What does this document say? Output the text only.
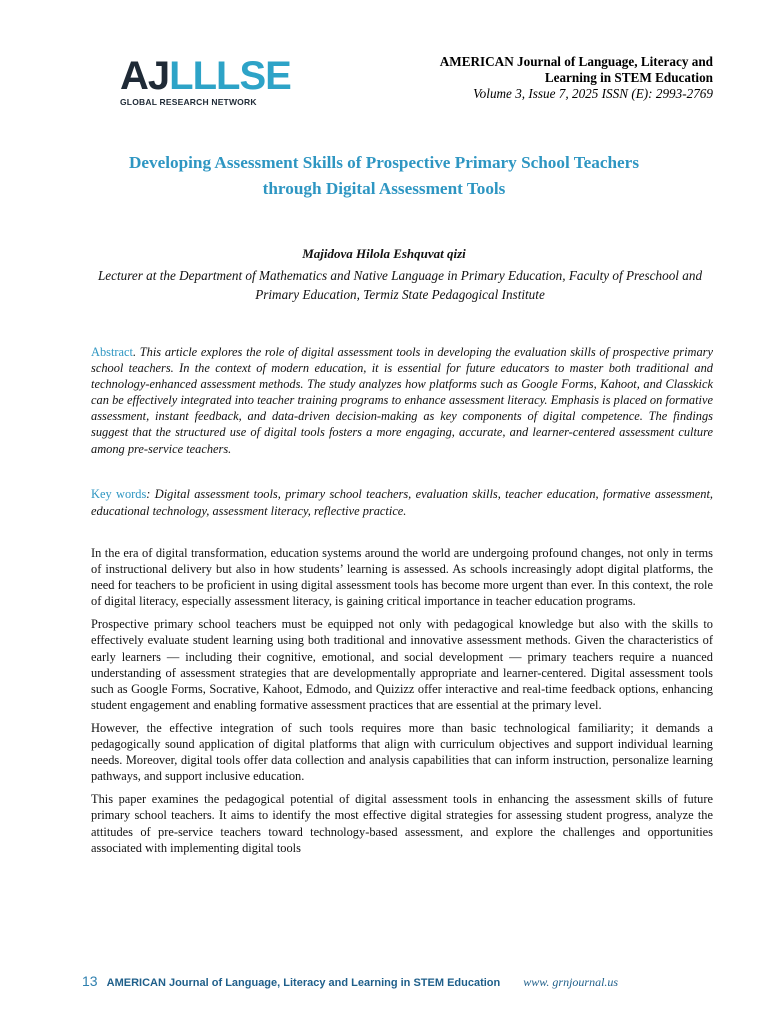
AJLLLSE
GLOBAL RESEARCH NETWORK
AMERICAN Journal of Language, Literacy and
Learning in STEM Education
Volume 3, Issue 7, 2025 ISSN (E): 2993-2769
Developing Assessment Skills of Prospective Primary School Teachers
through Digital Assessment Tools
Majidova Hilola Eshquvat qizi
Lecturer at the Department of Mathematics and Native Language in Primary Education, Faculty of Preschool and Primary Education, Termiz State Pedagogical Institute

Abstract. This article explores the role of digital assessment tools in developing the evaluation skills of prospective primary school teachers. In the context of modern education, it is essential for future educators to master both traditional and technology-enhanced assessment methods. The study analyzes how platforms such as Google Forms, Kahoot, and Classkick can be effectively integrated into teacher training programs to enhance assessment literacy. Emphasis is placed on formative assessment, instant feedback, and data-driven decision-making as key components of digital competence. The findings suggest that the structured use of digital tools fosters a more engaging, accurate, and learner-centered assessment culture among pre-service teachers.

Key words: Digital assessment tools, primary school teachers, evaluation skills, teacher education, formative assessment, educational technology, assessment literacy, reflective practice.

In the era of digital transformation, education systems around the world are undergoing profound changes, not only in terms of instructional delivery but also in how students’ learning is assessed. As schools increasingly adopt digital platforms, the need for teachers to be proficient in using digital assessment tools has become more urgent than ever. In this context, the role of digital literacy, especially assessment literacy, is gaining critical importance in teacher education programs.

Prospective primary school teachers must be equipped not only with pedagogical knowledge but also with the skills to effectively evaluate student learning using both traditional and innovative assessment methods. Given the characteristics of early learners — including their cognitive, emotional, and social development — primary teachers require a nuanced understanding of assessment strategies that are developmentally appropriate and learner-centered. Digital assessment tools such as Google Forms, Socrative, Kahoot, Edmodo, and Quizizz offer interactive and real-time feedback options, enhancing student engagement and enabling formative assessment practices that are essential at the primary level.

However, the effective integration of such tools requires more than basic technological familiarity; it demands a pedagogically sound application of digital platforms that align with curriculum objectives and support individual learning needs. Moreover, digital tools offer data collection and analysis capabilities that can inform instruction, personalize learning pathways, and support inclusive education.

This paper examines the pedagogical potential of digital assessment tools in enhancing the assessment skills of future primary school teachers. It aims to identify the most effective digital strategies for assessing student progress, analyze the attitudes of pre-service teachers toward technology-based assessment, and explore the challenges and opportunities associated with implementing digital tools

13 AMERICAN Journal of Language, Literacy and Learning in STEM Education www. grnjournal.us
